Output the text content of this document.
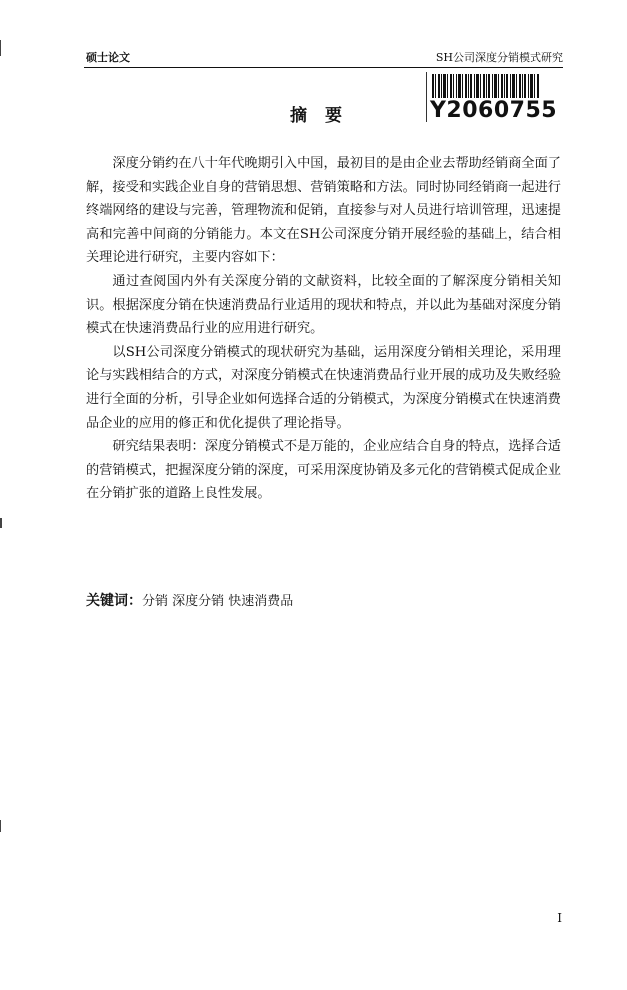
硕士论文	SH公司深度分销模式研究
Y2060755
摘要

深度分销约在八十年代晚期引入中国，最初目的是由企业去帮助经销商全面了解，接受和实践企业自身的营销思想、营销策略和方法。同时协同经销商一起进行终端网络的建设与完善，管理物流和促销，直接参与对人员进行培训管理，迅速提高和完善中间商的分销能力。本文在SH公司深度分销开展经验的基础上，结合相关理论进行研究，主要内容如下：

通过查阅国内外有关深度分销的文献资料，比较全面的了解深度分销相关知识。根据深度分销在快速消费品行业适用的现状和特点，并以此为基础对深度分销模式在快速消费品行业的应用进行研究。

以SH公司深度分销模式的现状研究为基础，运用深度分销相关理论，采用理论与实践相结合的方式，对深度分销模式在快速消费品行业开展的成功及失败经验进行全面的分析，引导企业如何选择合适的分销模式，为深度分销模式在快速消费品企业的应用的修正和优化提供了理论指导。

研究结果表明：深度分销模式不是万能的，企业应结合自身的特点，选择合适的营销模式，把握深度分销的深度，可采用深度协销及多元化的营销模式促成企业在分销扩张的道路上良性发展。

关键词：分销 深度分销 快速消费品
I
